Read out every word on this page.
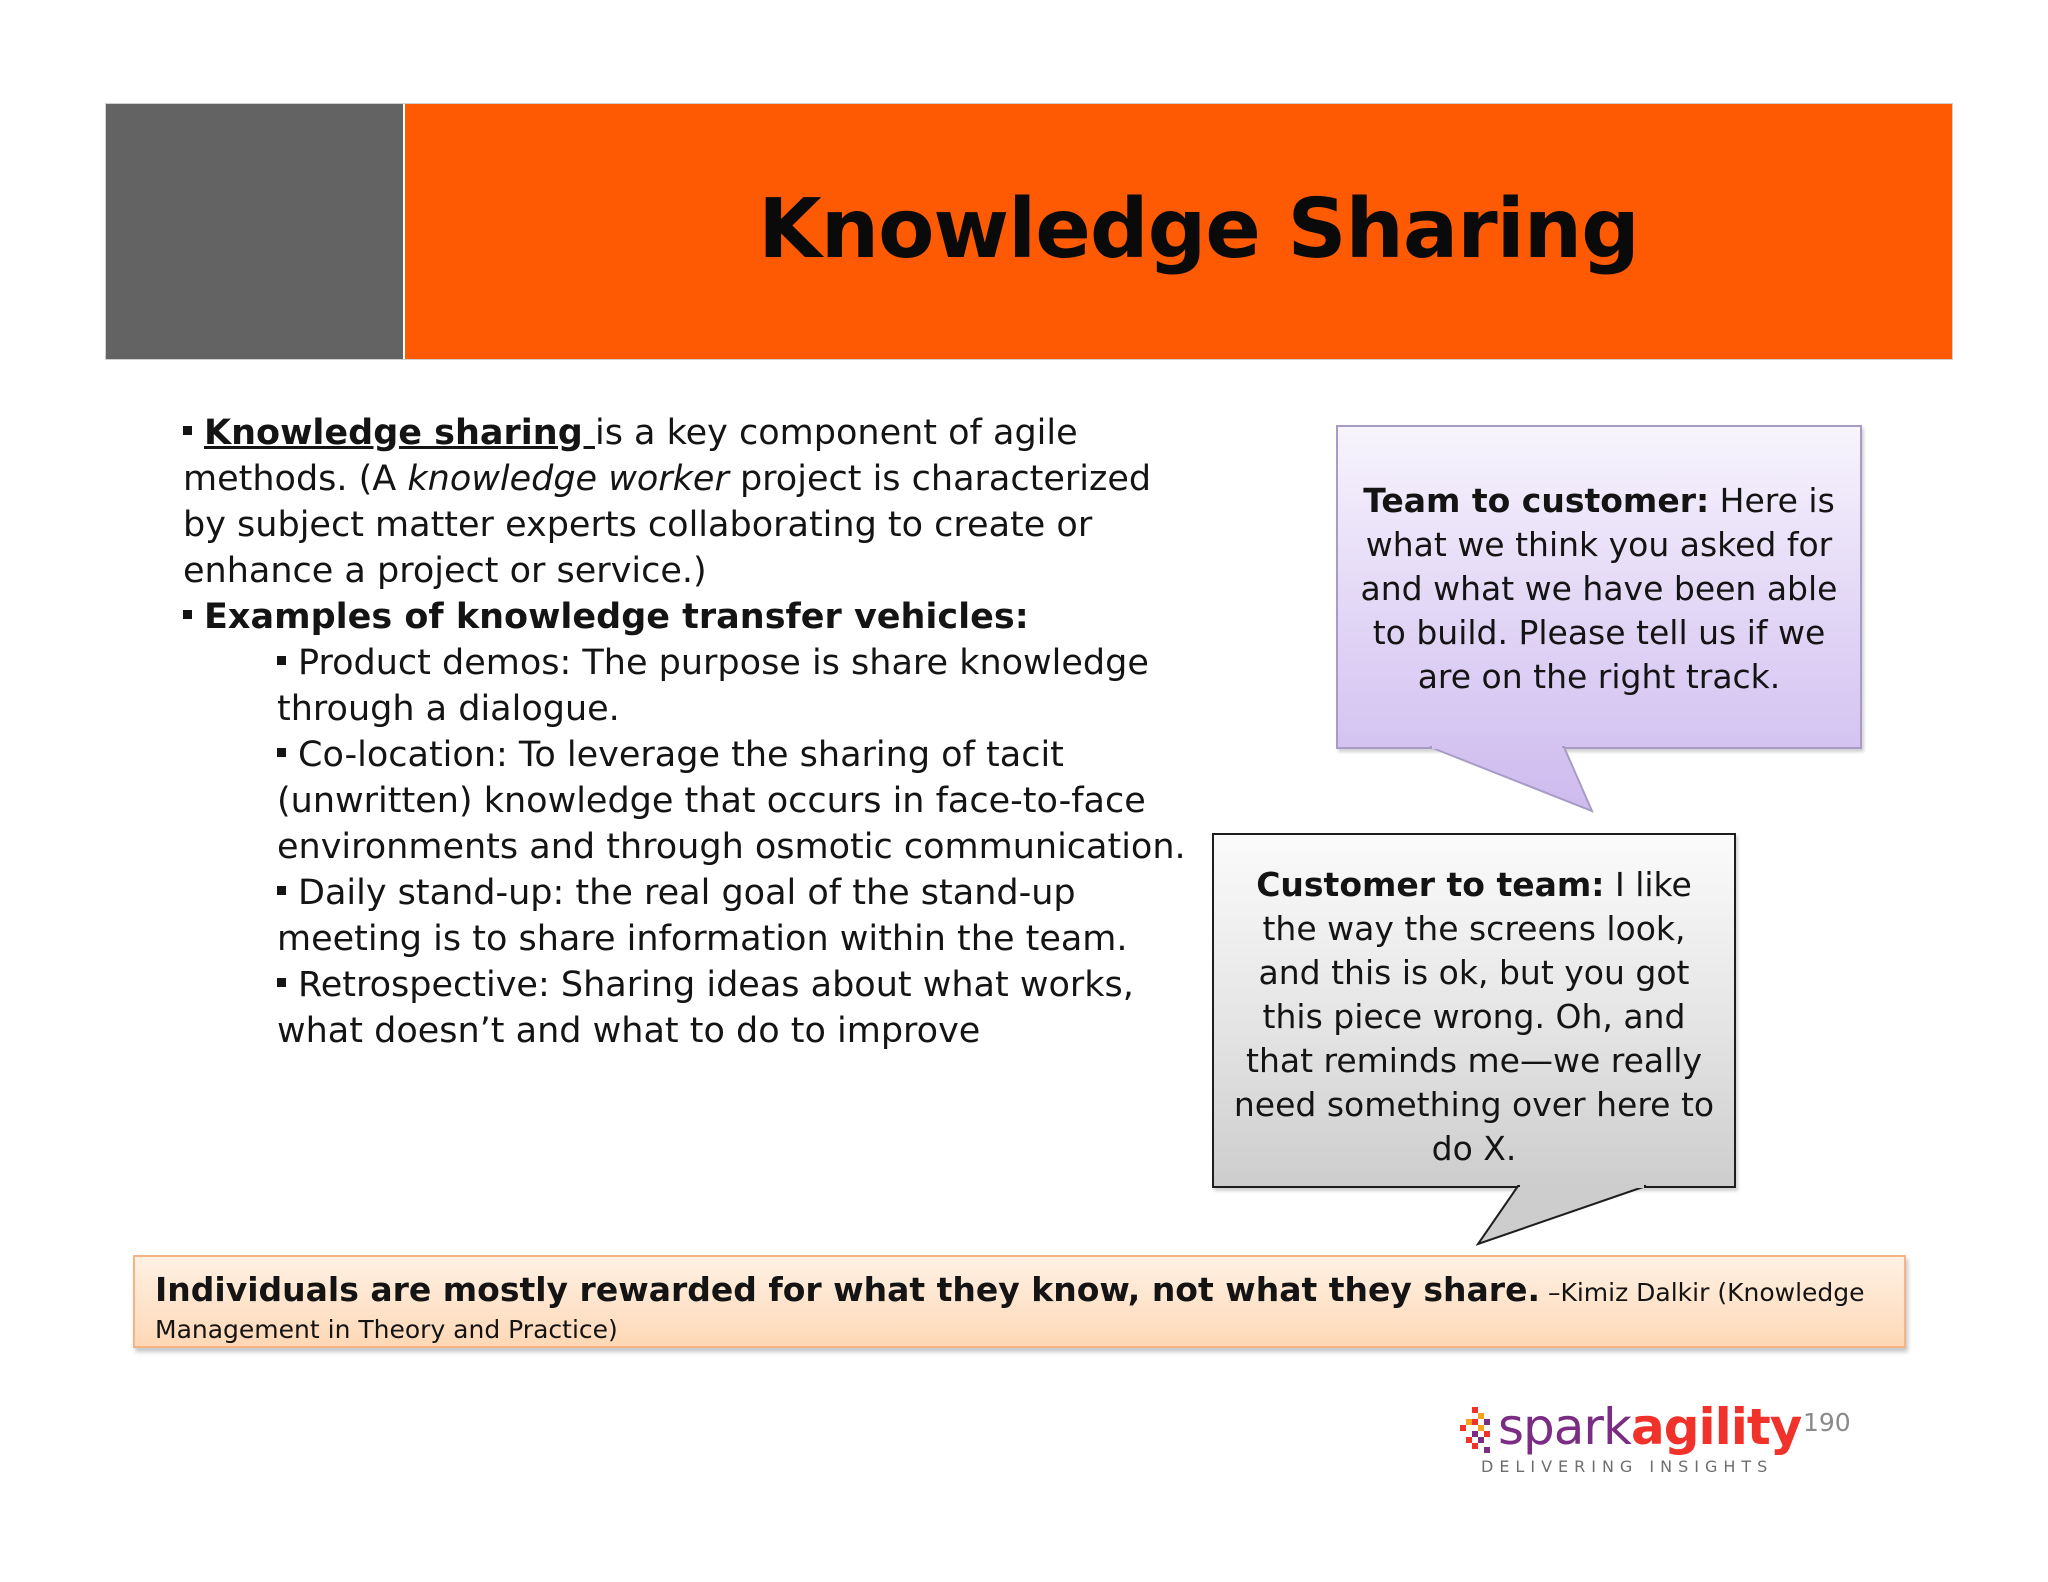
Knowledge Sharing

Knowledge sharing is a key component of agile methods. (A knowledge worker project is characterized by subject matter experts collaborating to create or enhance a project or service.)

Examples of knowledge transfer vehicles:

Product demos: The purpose is share knowledge through a dialogue.

Co-location: To leverage the sharing of tacit (unwritten) knowledge that occurs in face-to-face environments and through osmotic communication.

Daily stand-up: the real goal of the stand-up meeting is to share information within the team.

Retrospective: Sharing ideas about what works, what doesn’t and what to do to improve

Team to customer: Here is what we think you asked for and what we have been able to build. Please tell us if we are on the right track.
Customer to team: I like the way the screens look, and this is ok, but you got this piece wrong. Oh, and that reminds me—we really need something over here to do X.
Individuals are mostly rewarded for what they know, not what they share. –Kimiz Dalkir (Knowledge
Management in Theory and Practice)
sparkagility
DELIVERING INSIGHTS
190
